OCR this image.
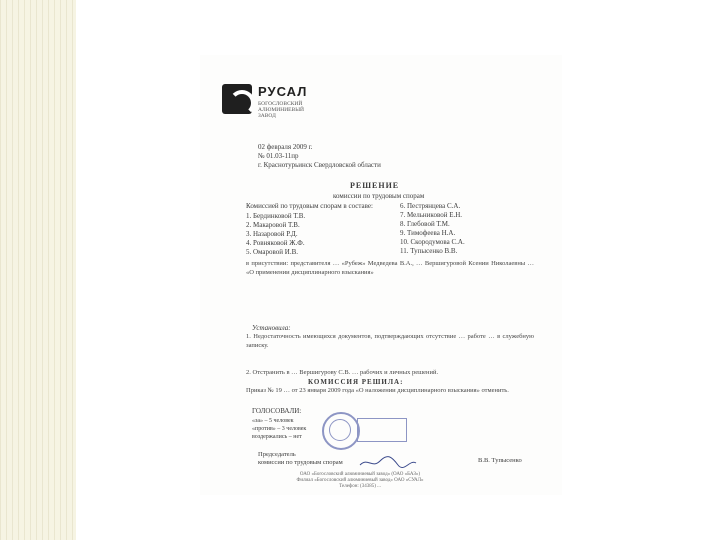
РУСАЛ
БОГОСЛОВСКИЙ
АЛЮМИНИЕВЫЙ
ЗАВОД
02 февраля 2009 г.
№ 01.03-11пр
г. Краснотурьинск Свердловской области
РЕШЕНИЕ
комиссии по трудовым спорам
Комиссией по трудовым спорам в составе:
1. Бердинковой Т.В.
2. Макаровой Т.В.
3. Назаровой Р.Д.
4. Ровняковой Ж.Ф.
5. Омаровой И.В.
6. Пестрянцева С.А.
7. Мельниковой Е.Н.
8. Глебовой Т.М.
9. Тимофеева Н.А.
10. Скородумова С.А.
11. Тупысенко В.В.
в присутствии: представителя … «Рубеж» Медведева В.А., … Вершигуровой Ксении Николаевны … «О применении дисциплинарного взыскания»
Установила:
1. Недостаточность имеющихся документов, подтверждающих отсутствие … работе … в служебную записку.
2. Отстранить в … Вершигурову С.В. … рабочих и личных решений.
КОМИССИЯ РЕШИЛА:
Приказ № 19 … от 23 января 2009 года «О наложении дисциплинарного взыскания» отменить.
ГОЛОСОВАЛИ:
«за» – 5 человек
«против» – 3 человек
воздержались – нет
Председатель
комиссии по трудовым спорам	В.В. Тупысенко
ОАО «Богословский алюминиевый завод» (ОАО «БАЗ»)
Филиал «Богословский алюминиевый завод» ОАО «СУАЛ»
Телефон: (34385) ...
